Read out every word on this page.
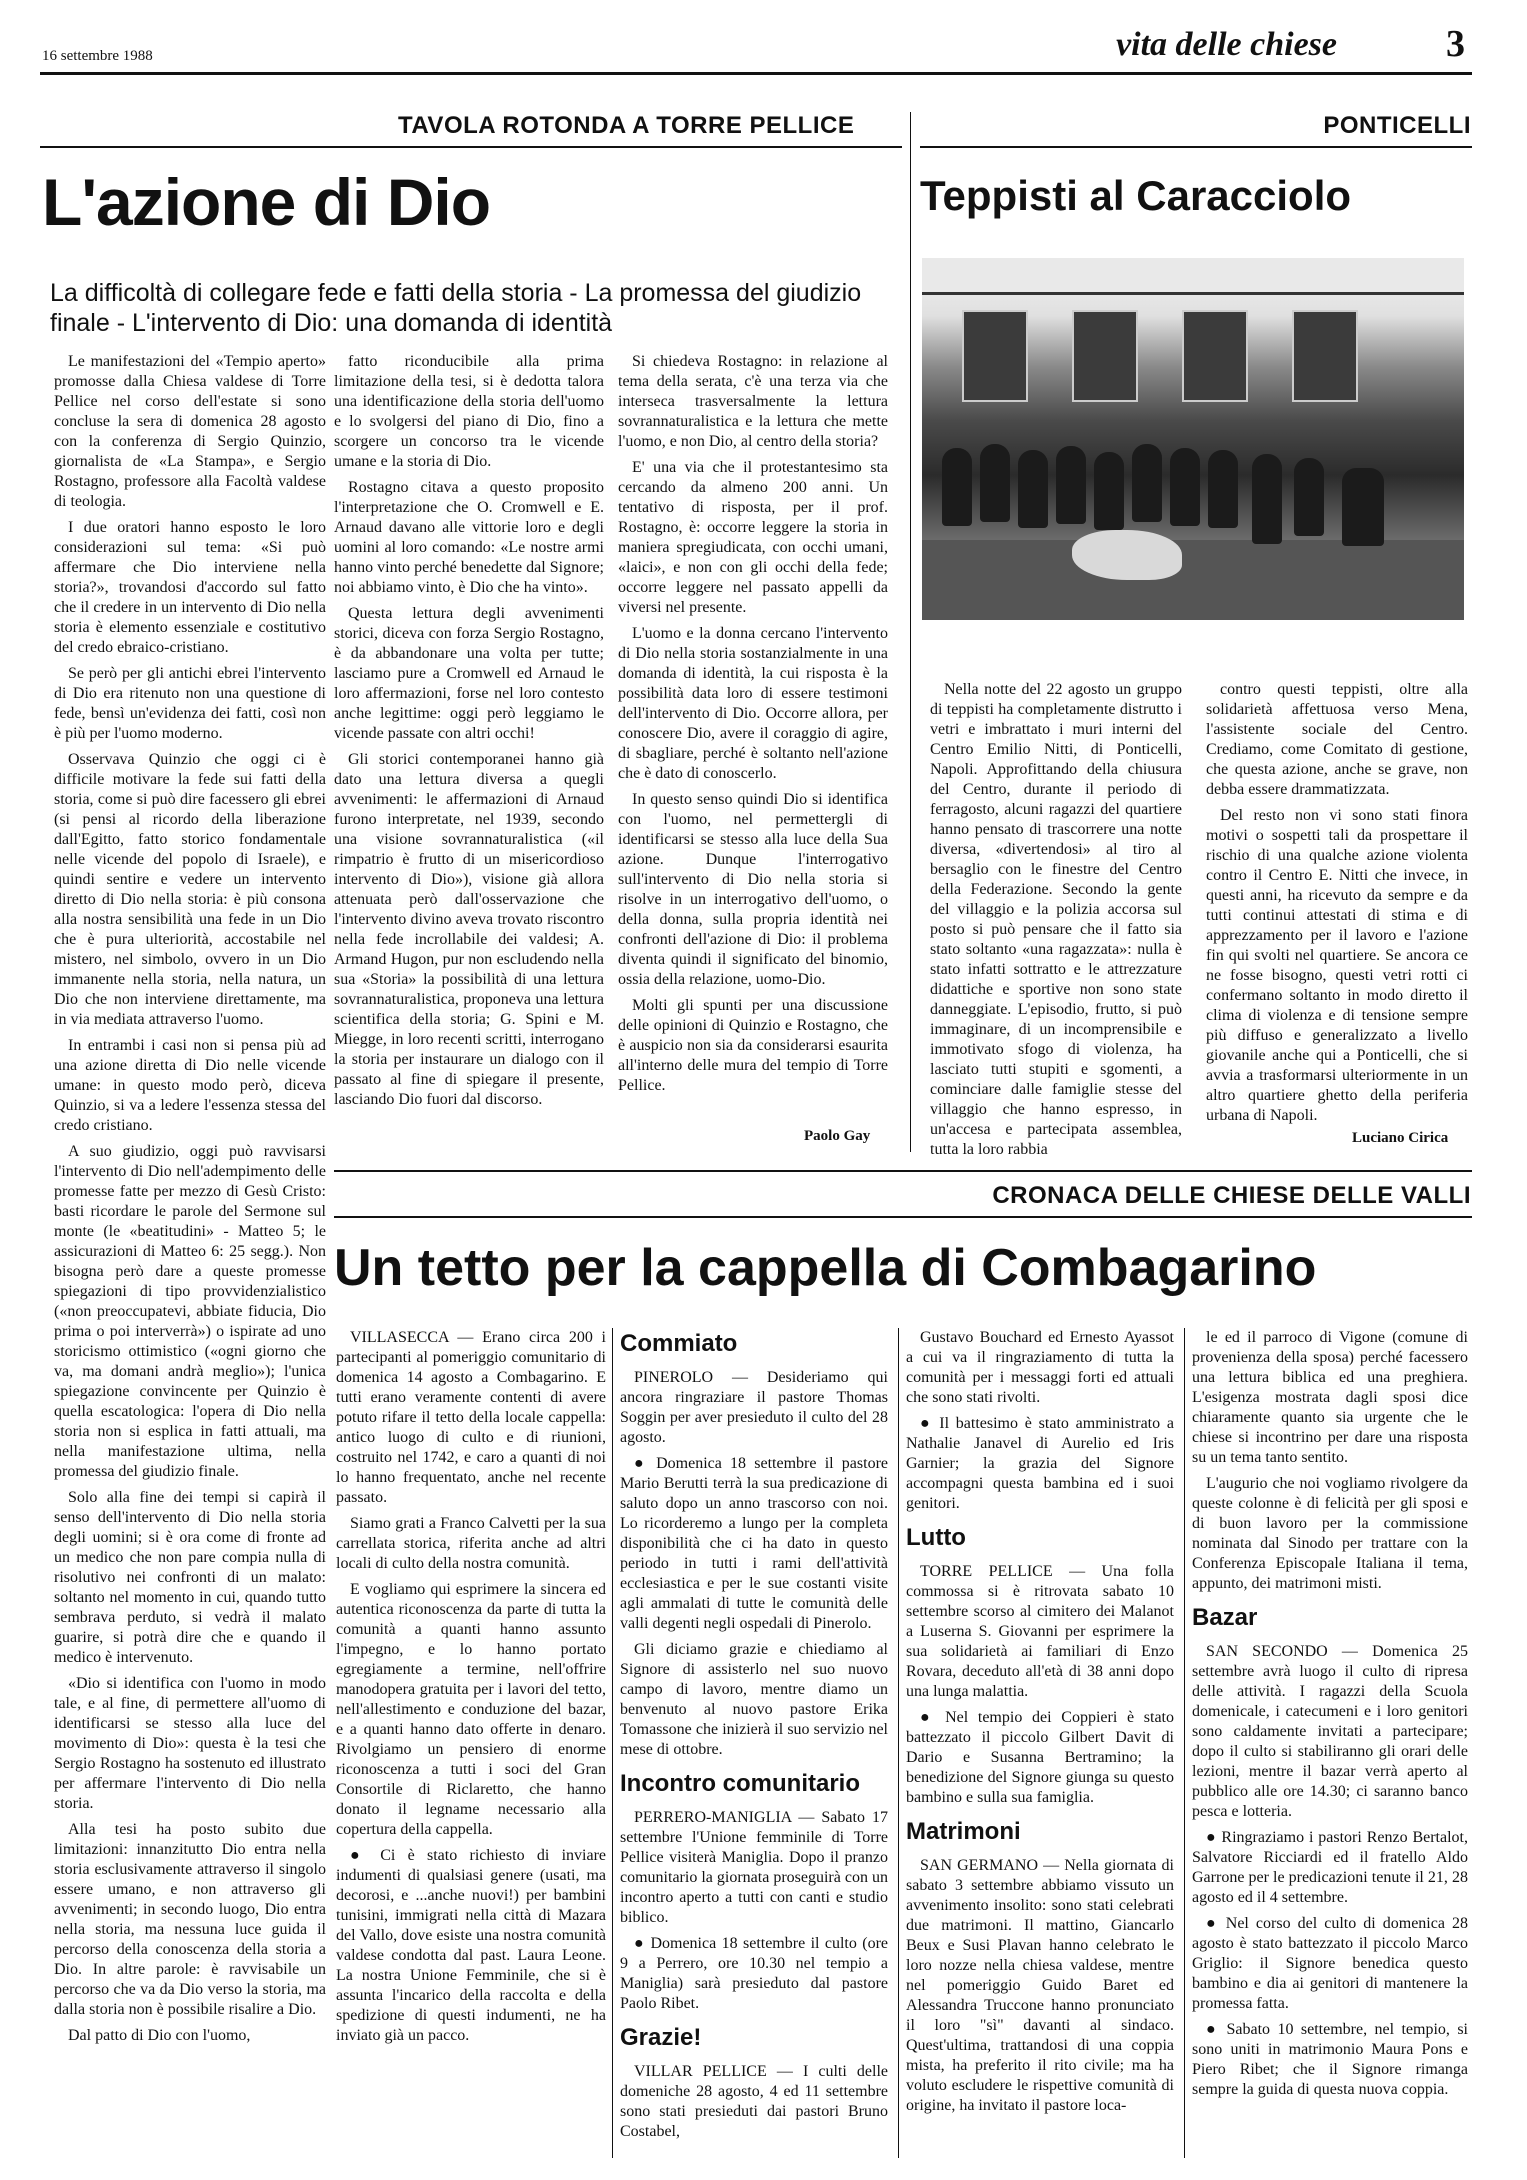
16 settembre 1988	vita delle chiese	3
TAVOLA ROTONDA A TORRE PELLICE
L'azione di Dio
La difficoltà di collegare fede e fatti della storia - La promessa del giudizio finale - L'intervento di Dio: una domanda di identità

Le manifestazioni del «Tempio aperto» promosse dalla Chiesa valdese di Torre Pellice nel corso dell'estate si sono concluse la sera di domenica 28 agosto con la conferenza di Sergio Quinzio, giornalista de «La Stampa», e Sergio Rostagno, professore alla Facoltà valdese di teologia.

I due oratori hanno esposto le loro considerazioni sul tema: «Si può affermare che Dio interviene nella storia?», trovandosi d'accordo sul fatto che il credere in un intervento di Dio nella storia è elemento essenziale e costitutivo del credo ebraico-cristiano.

Se però per gli antichi ebrei l'intervento di Dio era ritenuto non una questione di fede, bensì un'evidenza dei fatti, così non è più per l'uomo moderno.

Osservava Quinzio che oggi ci è difficile motivare la fede sui fatti della storia, come si può dire facessero gli ebrei (si pensi al ricordo della liberazione dall'Egitto, fatto storico fondamentale nelle vicende del popolo di Israele), e quindi sentire e vedere un intervento diretto di Dio nella storia: è più consona alla nostra sensibilità una fede in un Dio che è pura ulteriorità, accostabile nel mistero, nel simbolo, ovvero in un Dio immanente nella storia, nella natura, un Dio che non interviene direttamente, ma in via mediata attraverso l'uomo.

In entrambi i casi non si pensa più ad una azione diretta di Dio nelle vicende umane: in questo modo però, diceva Quinzio, si va a ledere l'essenza stessa del credo cristiano.

A suo giudizio, oggi può ravvisarsi l'intervento di Dio nell'adempimento delle promesse fatte per mezzo di Gesù Cristo: basti ricordare le parole del Sermone sul monte (le «beatitudini» - Matteo 5; le assicurazioni di Matteo 6: 25 segg.). Non bisogna però dare a queste promesse spiegazioni di tipo provvidenzialistico («non preoccupatevi, abbiate fiducia, Dio prima o poi interverrà») o ispirate ad uno storicismo ottimistico («ogni giorno che va, ma domani andrà meglio»); l'unica spiegazione convincente per Quinzio è quella escatologica: l'opera di Dio nella storia non si esplica in fatti attuali, ma nella manifestazione ultima, nella promessa del giudizio finale.

Solo alla fine dei tempi si capirà il senso dell'intervento di Dio nella storia degli uomini; si è ora come di fronte ad un medico che non pare compia nulla di risolutivo nei confronti di un malato: soltanto nel momento in cui, quando tutto sembrava perduto, si vedrà il malato guarire, si potrà dire che e quando il medico è intervenuto.

«Dio si identifica con l'uomo in modo tale, e al fine, di permettere all'uomo di identificarsi se stesso alla luce del movimento di Dio»: questa è la tesi che Sergio Rostagno ha sostenuto ed illustrato per affermare l'intervento di Dio nella storia.

Alla tesi ha posto subito due limitazioni: innanzitutto Dio entra nella storia esclusivamente attraverso il singolo essere umano, e non attraverso gli avvenimenti; in secondo luogo, Dio entra nella storia, ma nessuna luce guida il percorso della conoscenza della storia a Dio. In altre parole: è ravvisabile un percorso che va da Dio verso la storia, ma dalla storia non è possibile risalire a Dio.

Dal patto di Dio con l'uomo,

fatto riconducibile alla prima limitazione della tesi, si è dedotta talora una identificazione della storia dell'uomo e lo svolgersi del piano di Dio, fino a scorgere un concorso tra le vicende umane e la storia di Dio.

Rostagno citava a questo proposito l'interpretazione che O. Cromwell e E. Arnaud davano alle vittorie loro e degli uomini al loro comando: «Le nostre armi hanno vinto perché benedette dal Signore; noi abbiamo vinto, è Dio che ha vinto».

Questa lettura degli avvenimenti storici, diceva con forza Sergio Rostagno, è da abbandonare una volta per tutte; lasciamo pure a Cromwell ed Arnaud le loro affermazioni, forse nel loro contesto anche legittime: oggi però leggiamo le vicende passate con altri occhi!

Gli storici contemporanei hanno già dato una lettura diversa a quegli avvenimenti: le affermazioni di Arnaud furono interpretate, nel 1939, secondo una visione sovrannaturalistica («il rimpatrio è frutto di un misericordioso intervento di Dio»), visione già allora attenuata però dall'osservazione che l'intervento divino aveva trovato riscontro nella fede incrollabile dei valdesi; A. Armand Hugon, pur non escludendo nella sua «Storia» la possibilità di una lettura sovrannaturalistica, proponeva una lettura scientifica della storia; G. Spini e M. Miegge, in loro recenti scritti, interrogano la storia per instaurare un dialogo con il passato al fine di spiegare il presente, lasciando Dio fuori dal discorso.

Si chiedeva Rostagno: in relazione al tema della serata, c'è una terza via che interseca trasversalmente la lettura sovrannaturalistica e la lettura che mette l'uomo, e non Dio, al centro della storia?

E' una via che il protestantesimo sta cercando da almeno 200 anni. Un tentativo di risposta, per il prof. Rostagno, è: occorre leggere la storia in maniera spregiudicata, con occhi umani, «laici», e non con gli occhi della fede; occorre leggere nel passato appelli da viversi nel presente.

L'uomo e la donna cercano l'intervento di Dio nella storia sostanzialmente in una domanda di identità, la cui risposta è la possibilità data loro di essere testimoni dell'intervento di Dio. Occorre allora, per conoscere Dio, avere il coraggio di agire, di sbagliare, perché è soltanto nell'azione che è dato di conoscerlo.

In questo senso quindi Dio si identifica con l'uomo, nel permettergli di identificarsi se stesso alla luce della Sua azione. Dunque l'interrogativo sull'intervento di Dio nella storia si risolve in un interrogativo dell'uomo, o della donna, sulla propria identità nei confronti dell'azione di Dio: il problema diventa quindi il significato del binomio, ossia della relazione, uomo-Dio.

Molti gli spunti per una discussione delle opinioni di Quinzio e Rostagno, che è auspicio non sia da considerarsi esaurita all'interno delle mura del tempio di Torre Pellice.

Paolo Gay
PONTICELLI
Teppisti al Caracciolo

Nella notte del 22 agosto un gruppo di teppisti ha completamente distrutto i vetri e imbrattato i muri interni del Centro Emilio Nitti, di Ponticelli, Napoli. Approfittando della chiusura del Centro, durante il periodo di ferragosto, alcuni ragazzi del quartiere hanno pensato di trascorrere una notte diversa, «divertendosi» al tiro al bersaglio con le finestre del Centro della Federazione. Secondo la gente del villaggio e la polizia accorsa sul posto si può pensare che il fatto sia stato soltanto «una ragazzata»: nulla è stato infatti sottratto e le attrezzature didattiche e sportive non sono state danneggiate. L'episodio, frutto, si può immaginare, di un incomprensibile e immotivato sfogo di violenza, ha lasciato tutti stupiti e sgomenti, a cominciare dalle famiglie stesse del villaggio che hanno espresso, in un'accesa e partecipata assemblea, tutta la loro rabbia

contro questi teppisti, oltre alla solidarietà affettuosa verso Mena, l'assistente sociale del Centro. Crediamo, come Comitato di gestione, che questa azione, anche se grave, non debba essere drammatizzata.

Del resto non vi sono stati finora motivi o sospetti tali da prospettare il rischio di una qualche azione violenta contro il Centro E. Nitti che invece, in questi anni, ha ricevuto da sempre e da tutti continui attestati di stima e di apprezzamento per il lavoro e l'azione fin qui svolti nel quartiere. Se ancora ce ne fosse bisogno, questi vetri rotti ci confermano soltanto in modo diretto il clima di violenza e di tensione sempre più diffuso e generalizzato a livello giovanile anche qui a Ponticelli, che si avvia a trasformarsi ulteriormente in un altro quartiere ghetto della periferia urbana di Napoli.

Luciano Cirica
CRONACA DELLE CHIESE DELLE VALLI
Un tetto per la cappella di Combagarino

VILLASECCA — Erano circa 200 i partecipanti al pomeriggio comunitario di domenica 14 agosto a Combagarino. E tutti erano veramente contenti di avere potuto rifare il tetto della locale cappella: antico luogo di culto e di riunioni, costruito nel 1742, e caro a quanti di noi lo hanno frequentato, anche nel recente passato.

Siamo grati a Franco Calvetti per la sua carrellata storica, riferita anche ad altri locali di culto della nostra comunità.

E vogliamo qui esprimere la sincera ed autentica riconoscenza da parte di tutta la comunità a quanti hanno assunto l'impegno, e lo hanno portato egregiamente a termine, nell'offrire manodopera gratuita per i lavori del tetto, nell'allestimento e conduzione del bazar, e a quanti hanno dato offerte in denaro. Rivolgiamo un pensiero di enorme riconoscenza a tutti i soci del Gran Consortile di Riclaretto, che hanno donato il legname necessario alla copertura della cappella.

● Ci è stato richiesto di inviare indumenti di qualsiasi genere (usati, ma decorosi, e ...anche nuovi!) per bambini tunisini, immigrati nella città di Mazara del Vallo, dove esiste una nostra comunità valdese condotta dal past. Laura Leone. La nostra Unione Femminile, che si è assunta l'incarico della raccolta e della spedizione di questi indumenti, ne ha inviato già un pacco.

Commiato

PINEROLO — Desideriamo qui ancora ringraziare il pastore Thomas Soggin per aver presieduto il culto del 28 agosto.

● Domenica 18 settembre il pastore Mario Berutti terrà la sua predicazione di saluto dopo un anno trascorso con noi. Lo ricorderemo a lungo per la completa disponibilità che ci ha dato in questo periodo in tutti i rami dell'attività ecclesiastica e per le sue costanti visite agli ammalati di tutte le comunità delle valli degenti negli ospedali di Pinerolo.

Gli diciamo grazie e chiediamo al Signore di assisterlo nel suo nuovo campo di lavoro, mentre diamo un benvenuto al nuovo pastore Erika Tomassone che inizierà il suo servizio nel mese di ottobre.

Incontro comunitario

PERRERO-MANIGLIA — Sabato 17 settembre l'Unione femminile di Torre Pellice visiterà Maniglia. Dopo il pranzo comunitario la giornata proseguirà con un incontro aperto a tutti con canti e studio biblico.

● Domenica 18 settembre il culto (ore 9 a Perrero, ore 10.30 nel tempio a Maniglia) sarà presieduto dal pastore Paolo Ribet.

Grazie!

VILLAR PELLICE — I culti delle domeniche 28 agosto, 4 ed 11 settembre sono stati presieduti dai pastori Bruno Costabel,

Gustavo Bouchard ed Ernesto Ayassot a cui va il ringraziamento di tutta la comunità per i messaggi forti ed attuali che sono stati rivolti.

● Il battesimo è stato amministrato a Nathalie Janavel di Aurelio ed Iris Garnier; la grazia del Signore accompagni questa bambina ed i suoi genitori.

Lutto

TORRE PELLICE — Una folla commossa si è ritrovata sabato 10 settembre scorso al cimitero dei Malanot a Luserna S. Giovanni per esprimere la sua solidarietà ai familiari di Enzo Rovara, deceduto all'età di 38 anni dopo una lunga malattia.

● Nel tempio dei Coppieri è stato battezzato il piccolo Gilbert Davit di Dario e Susanna Bertramino; la benedizione del Signore giunga su questo bambino e sulla sua famiglia.

Matrimoni

SAN GERMANO — Nella giornata di sabato 3 settembre abbiamo vissuto un avvenimento insolito: sono stati celebrati due matrimoni. Il mattino, Giancarlo Beux e Susi Plavan hanno celebrato le loro nozze nella chiesa valdese, mentre nel pomeriggio Guido Baret ed Alessandra Truccone hanno pronunciato il loro "sì" davanti al sindaco. Quest'ultima, trattandosi di una coppia mista, ha preferito il rito civile; ma ha voluto escludere le rispettive comunità di origine, ha invitato il pastore loca-

le ed il parroco di Vigone (comune di provenienza della sposa) perché facessero una lettura biblica ed una preghiera. L'esigenza mostrata dagli sposi dice chiaramente quanto sia urgente che le chiese si incontrino per dare una risposta su un tema tanto sentito.

L'augurio che noi vogliamo rivolgere da queste colonne è di felicità per gli sposi e di buon lavoro per la commissione nominata dal Sinodo per trattare con la Conferenza Episcopale Italiana il tema, appunto, dei matrimoni misti.

Bazar

SAN SECONDO — Domenica 25 settembre avrà luogo il culto di ripresa delle attività. I ragazzi della Scuola domenicale, i catecumeni e i loro genitori sono caldamente invitati a partecipare; dopo il culto si stabiliranno gli orari delle lezioni, mentre il bazar verrà aperto al pubblico alle ore 14.30; ci saranno banco pesca e lotteria.

● Ringraziamo i pastori Renzo Bertalot, Salvatore Ricciardi ed il fratello Aldo Garrone per le predicazioni tenute il 21, 28 agosto ed il 4 settembre.

● Nel corso del culto di domenica 28 agosto è stato battezzato il piccolo Marco Griglio: il Signore benedica questo bambino e dia ai genitori di mantenere la promessa fatta.

● Sabato 10 settembre, nel tempio, si sono uniti in matrimonio Maura Pons e Piero Ribet; che il Signore rimanga sempre la guida di questa nuova coppia.
